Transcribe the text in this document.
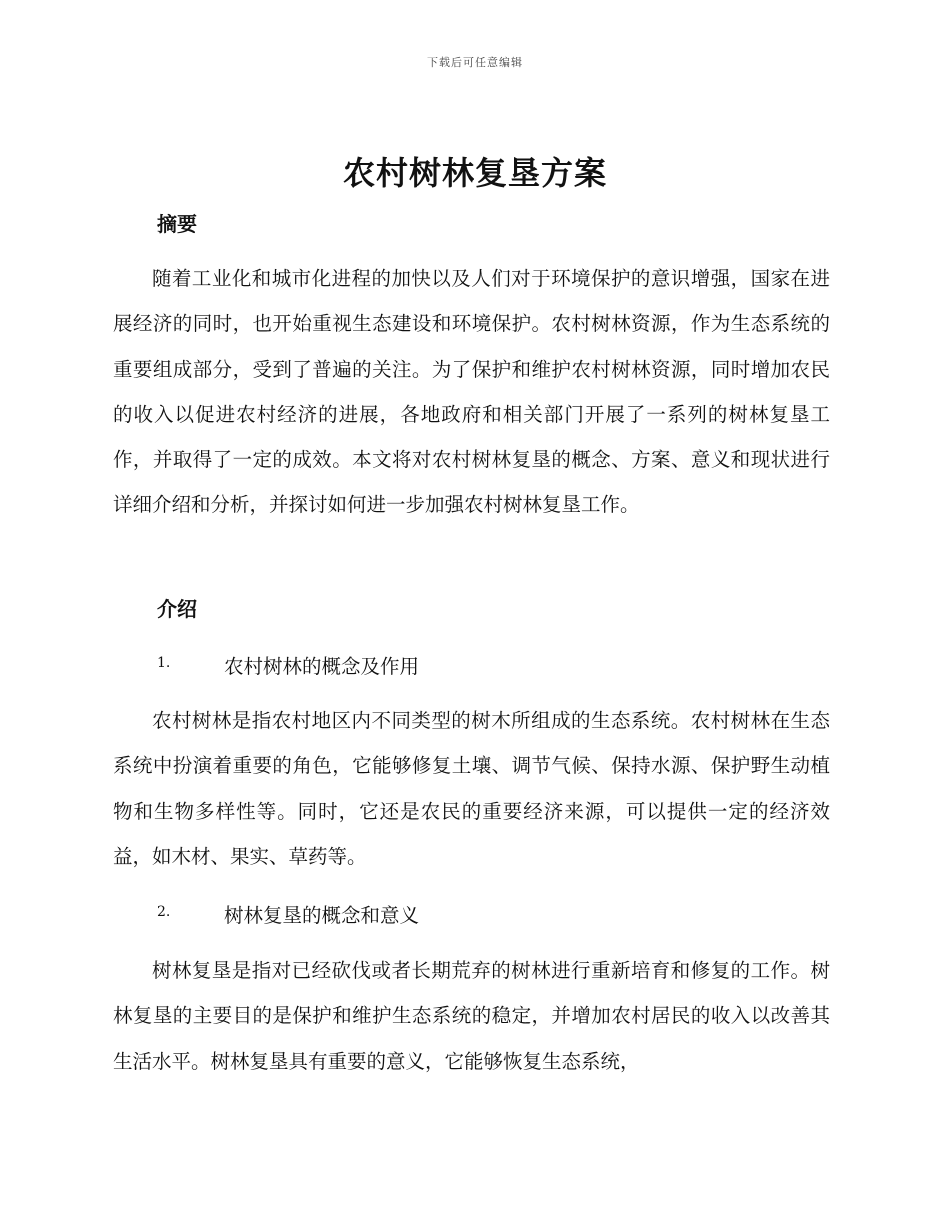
下载后可任意编辑
农村树林复垦方案
摘要

随着工业化和城市化进程的加快以及人们对于环境保护的意识增强，国家在进展经济的同时，也开始重视生态建设和环境保护。农村树林资源，作为生态系统的重要组成部分，受到了普遍的关注。为了保护和维护农村树林资源，同时增加农民的收入以促进农村经济的进展，各地政府和相关部门开展了一系列的树林复垦工作，并取得了一定的成效。本文将对农村树林复垦的概念、方案、意义和现状进行详细介绍和分析，并探讨如何进一步加强农村树林复垦工作。

介绍
1.	农村树林的概念及作用

农村树林是指农村地区内不同类型的树木所组成的生态系统。农村树林在生态系统中扮演着重要的角色，它能够修复土壤、调节气候、保持水源、保护野生动植物和生物多样性等。同时，它还是农民的重要经济来源，可以提供一定的经济效益，如木材、果实、草药等。

2.	树林复垦的概念和意义

树林复垦是指对已经砍伐或者长期荒弃的树林进行重新培育和修复的工作。树林复垦的主要目的是保护和维护生态系统的稳定，并增加农村居民的收入以改善其生活水平。树林复垦具有重要的意义，它能够恢复生态系统，
